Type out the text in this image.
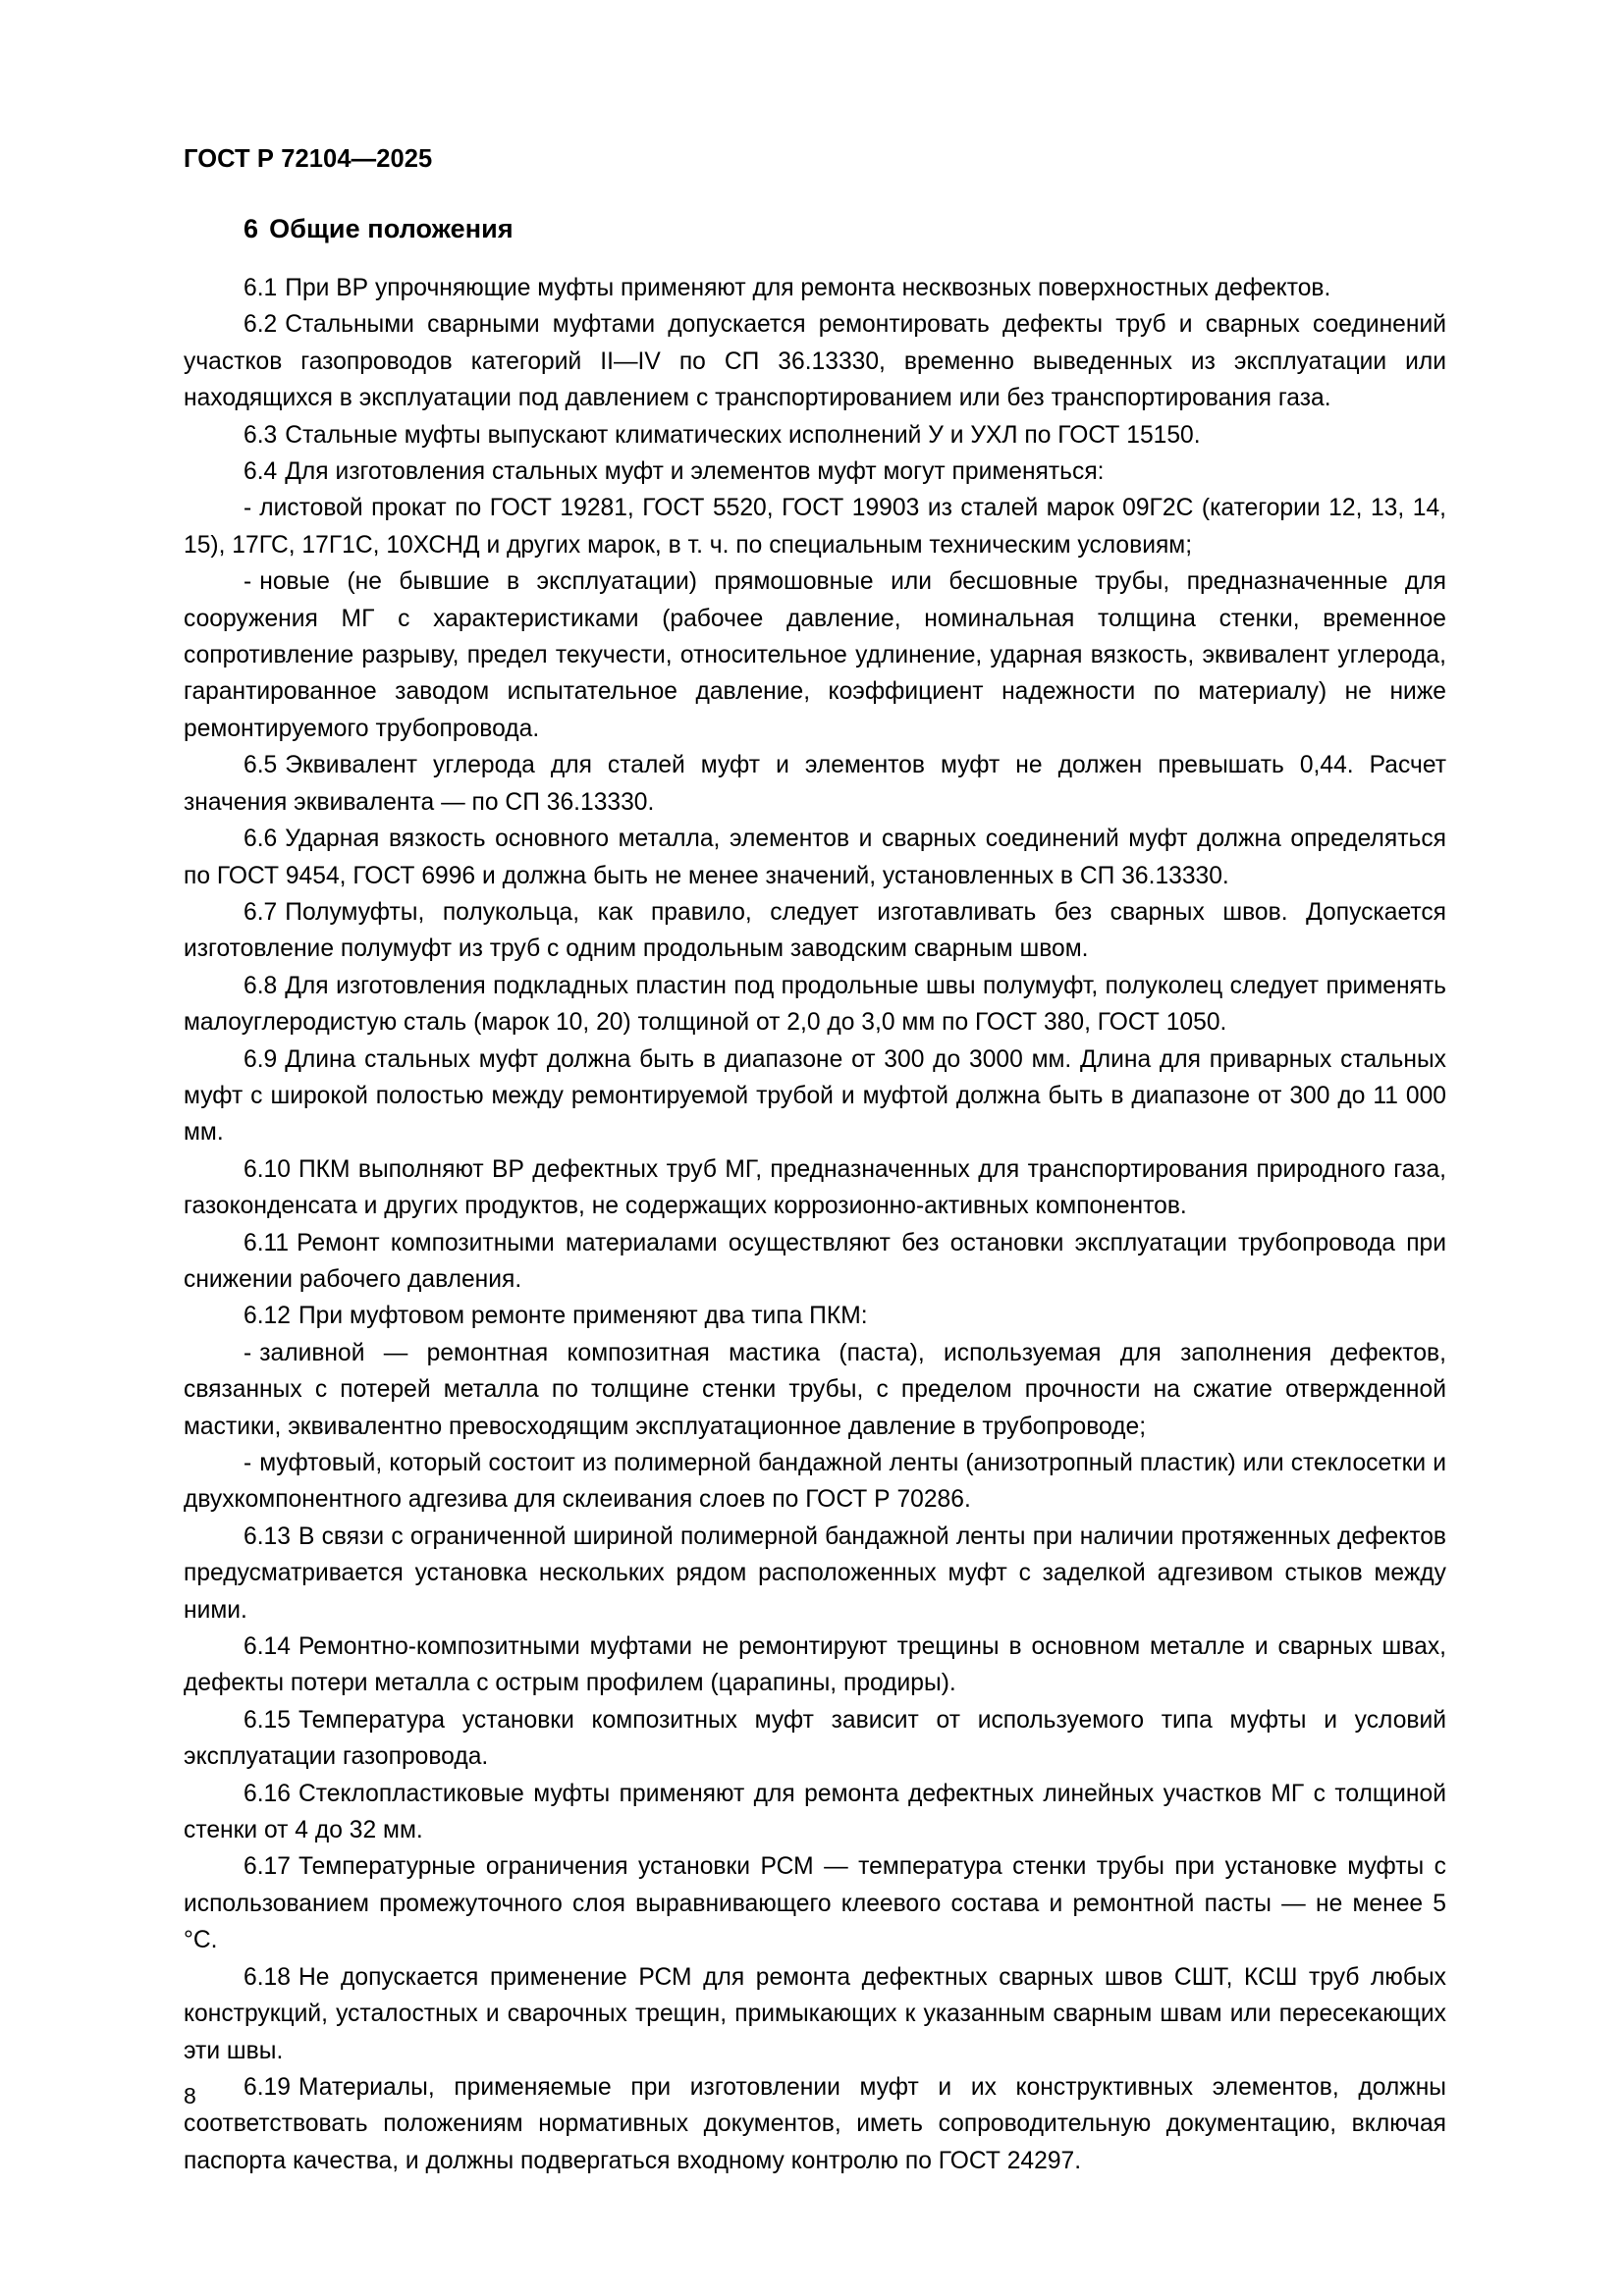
ГОСТ Р 72104—2025
6 Общие положения

6.1 При ВР упрочняющие муфты применяют для ремонта несквозных поверхностных дефектов.

6.2 Стальными сварными муфтами допускается ремонтировать дефекты труб и сварных соединений участков газопроводов категорий II—IV по СП 36.13330, временно выведенных из эксплуатации или находящихся в эксплуатации под давлением с транспортированием или без транспортирования газа.

6.3 Стальные муфты выпускают климатических исполнений У и УХЛ по ГОСТ 15150.

6.4 Для изготовления стальных муфт и элементов муфт могут применяться:

- листовой прокат по ГОСТ 19281, ГОСТ 5520, ГОСТ 19903 из сталей марок 09Г2С (категории 12, 13, 14, 15), 17ГС, 17Г1С, 10ХСНД и других марок, в т. ч. по специальным техническим условиям;

- новые (не бывшие в эксплуатации) прямошовные или бесшовные трубы, предназначенные для сооружения МГ с характеристиками (рабочее давление, номинальная толщина стенки, временное сопротивление разрыву, предел текучести, относительное удлинение, ударная вязкость, эквивалент углерода, гарантированное заводом испытательное давление, коэффициент надежности по материалу) не ниже ремонтируемого трубопровода.

6.5 Эквивалент углерода для сталей муфт и элементов муфт не должен превышать 0,44. Расчет значения эквивалента — по СП 36.13330.

6.6 Ударная вязкость основного металла, элементов и сварных соединений муфт должна определяться по ГОСТ 9454, ГОСТ 6996 и должна быть не менее значений, установленных в СП 36.13330.

6.7 Полумуфты, полукольца, как правило, следует изготавливать без сварных швов. Допускается изготовление полумуфт из труб с одним продольным заводским сварным швом.

6.8 Для изготовления подкладных пластин под продольные швы полумуфт, полуколец следует применять малоуглеродистую сталь (марок 10, 20) толщиной от 2,0 до 3,0 мм по ГОСТ 380, ГОСТ 1050.

6.9 Длина стальных муфт должна быть в диапазоне от 300 до 3000 мм. Длина для приварных стальных муфт с широкой полостью между ремонтируемой трубой и муфтой должна быть в диапазоне от 300 до 11 000 мм.

6.10 ПКМ выполняют ВР дефектных труб МГ, предназначенных для транспортирования природного газа, газоконденсата и других продуктов, не содержащих коррозионно-активных компонентов.

6.11 Ремонт композитными материалами осуществляют без остановки эксплуатации трубопровода при снижении рабочего давления.

6.12 При муфтовом ремонте применяют два типа ПКМ:

- заливной — ремонтная композитная мастика (паста), используемая для заполнения дефектов, связанных с потерей металла по толщине стенки трубы, с пределом прочности на сжатие отвержденной мастики, эквивалентно превосходящим эксплуатационное давление в трубопроводе;

- муфтовый, который состоит из полимерной бандажной ленты (анизотропный пластик) или стеклосетки и двухкомпонентного адгезива для склеивания слоев по ГОСТ Р 70286.

6.13 В связи с ограниченной шириной полимерной бандажной ленты при наличии протяженных дефектов предусматривается установка нескольких рядом расположенных муфт с заделкой адгезивом стыков между ними.

6.14 Ремонтно-композитными муфтами не ремонтируют трещины в основном металле и сварных швах, дефекты потери металла с острым профилем (царапины, продиры).

6.15 Температура установки композитных муфт зависит от используемого типа муфты и условий эксплуатации газопровода.

6.16 Стеклопластиковые муфты применяют для ремонта дефектных линейных участков МГ с толщиной стенки от 4 до 32 мм.

6.17 Температурные ограничения установки РСМ — температура стенки трубы при установке муфты с использованием промежуточного слоя выравнивающего клеевого состава и ремонтной пасты — не менее 5 °C.

6.18 Не допускается применение РСМ для ремонта дефектных сварных швов СШТ, КСШ труб любых конструкций, усталостных и сварочных трещин, примыкающих к указанным сварным швам или пересекающих эти швы.

6.19 Материалы, применяемые при изготовлении муфт и их конструктивных элементов, должны соответствовать положениям нормативных документов, иметь сопроводительную документацию, включая паспорта качества, и должны подвергаться входному контролю по ГОСТ 24297.

8
